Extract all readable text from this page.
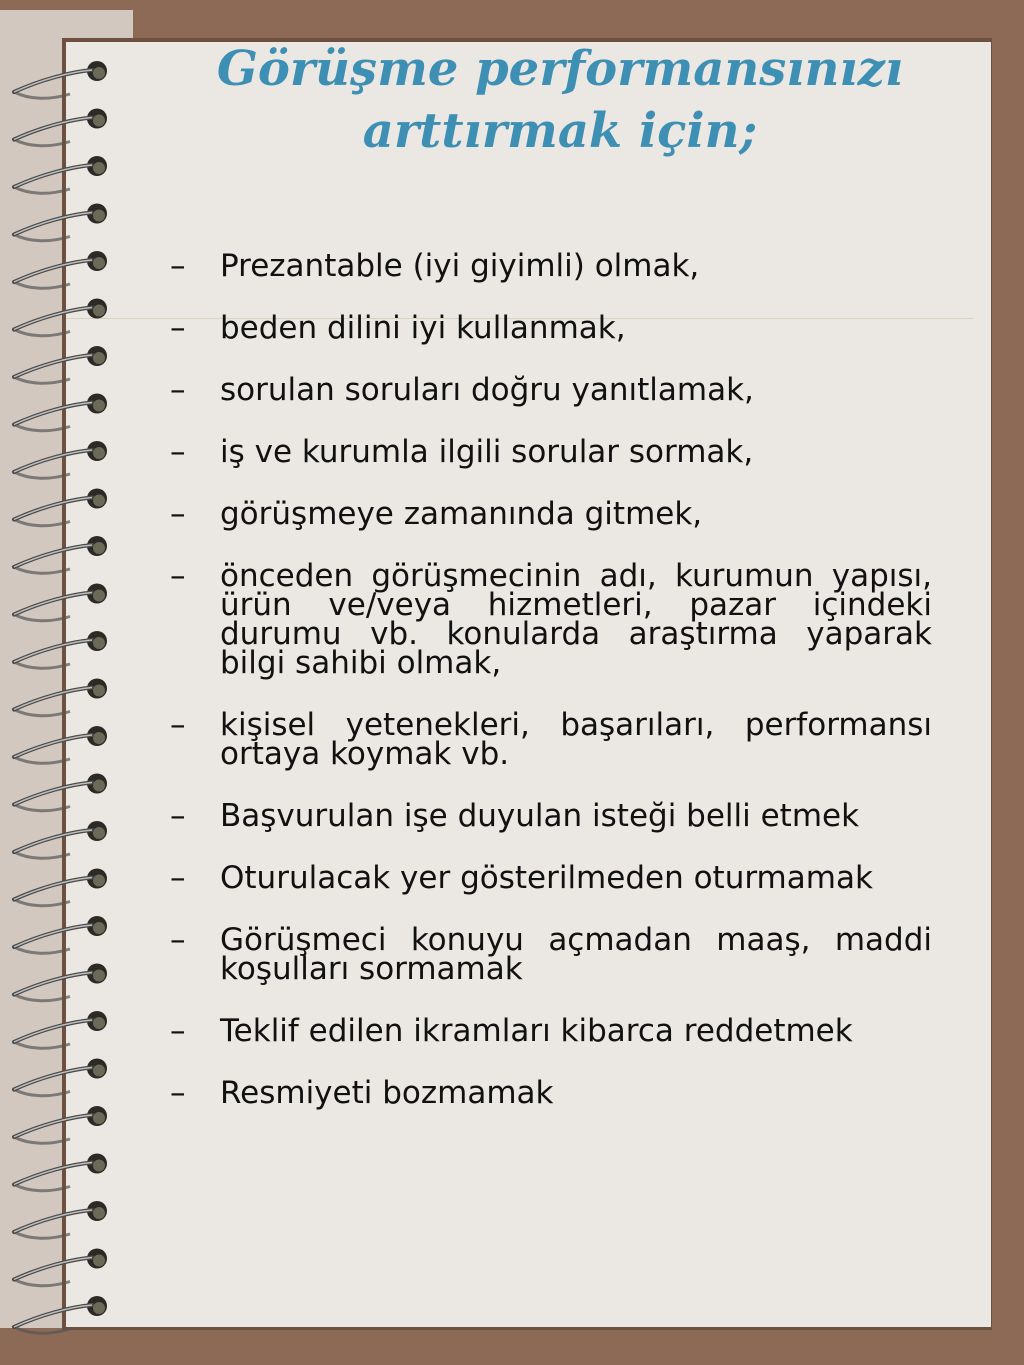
Görüşme performansınızı
arttırmak için;
– Prezantable (iyi giyimli) olmak,
– beden dilini iyi kullanmak,
– sorulan soruları doğru yanıtlamak,
– iş ve kurumla ilgili sorular sormak,
– görüşmeye zamanında gitmek,
– önceden görüşmecinin adı, kurumun yapısı, ürün ve/veya hizmetleri, pazar içindeki durumu vb. konularda araştırma yaparak bilgi sahibi olmak,
– kişisel yetenekleri, başarıları, performansı ortaya koymak vb.
– Başvurulan işe duyulan isteği belli etmek
– Oturulacak yer gösterilmeden oturmamak
– Görüşmeci konuyu açmadan maaş, maddi koşulları sormamak
– Teklif edilen ikramları kibarca reddetmek
– Resmiyeti bozmamak
